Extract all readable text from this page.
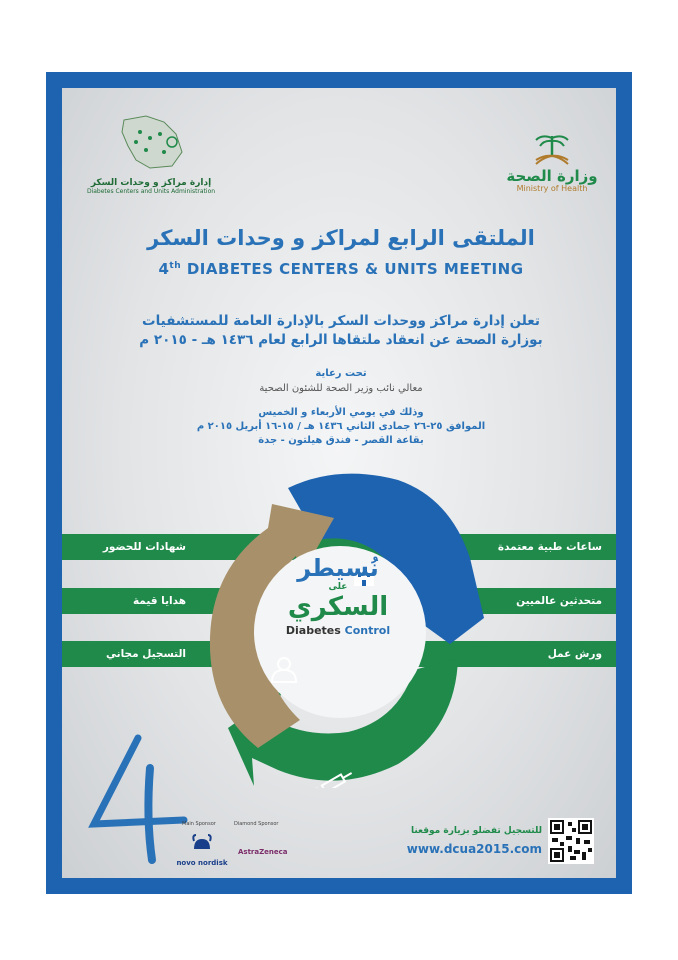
إدارة مراكز و وحدات السكر
Diabetes Centers and Units Administration
وزارة الصحة
Ministry of Health
الملتقى الرابع لمراكز و وحدات السكر
4th DIABETES CENTERS & UNITS MEETING
تعلن إدارة مراكز ووحدات السكر بالإدارة العامة للمستشفيات
بوزارة الصحة عن انعقاد ملتقاها الرابع لعام ١٤٣٦ هـ - ٢٠١٥ م
تحت رعاية
معالي نائب وزير الصحة للشئون الصحية
وذلك في يومي الأربعاء و الخميس
الموافق ٢٥-٢٦ جمادى الثاني ١٤٣٦ هـ / ١٥-١٦ أبريل ٢٠١٥ م
بقاعة القصر - فندق هيلتون - جدة
شهادات للحضور	ساعات طبية معتمدة
هدايا قيمة	متحدثين عالميين
التسجيل مجاني	ورش عمل
نُسيطر
على
السكري
Diabetes Control
Main Sponsor	Diamond Sponsor
novo nordisk
AstraZeneca
للتسجيل تفضلو بزيارة موقعنا
www.dcua2015.com
